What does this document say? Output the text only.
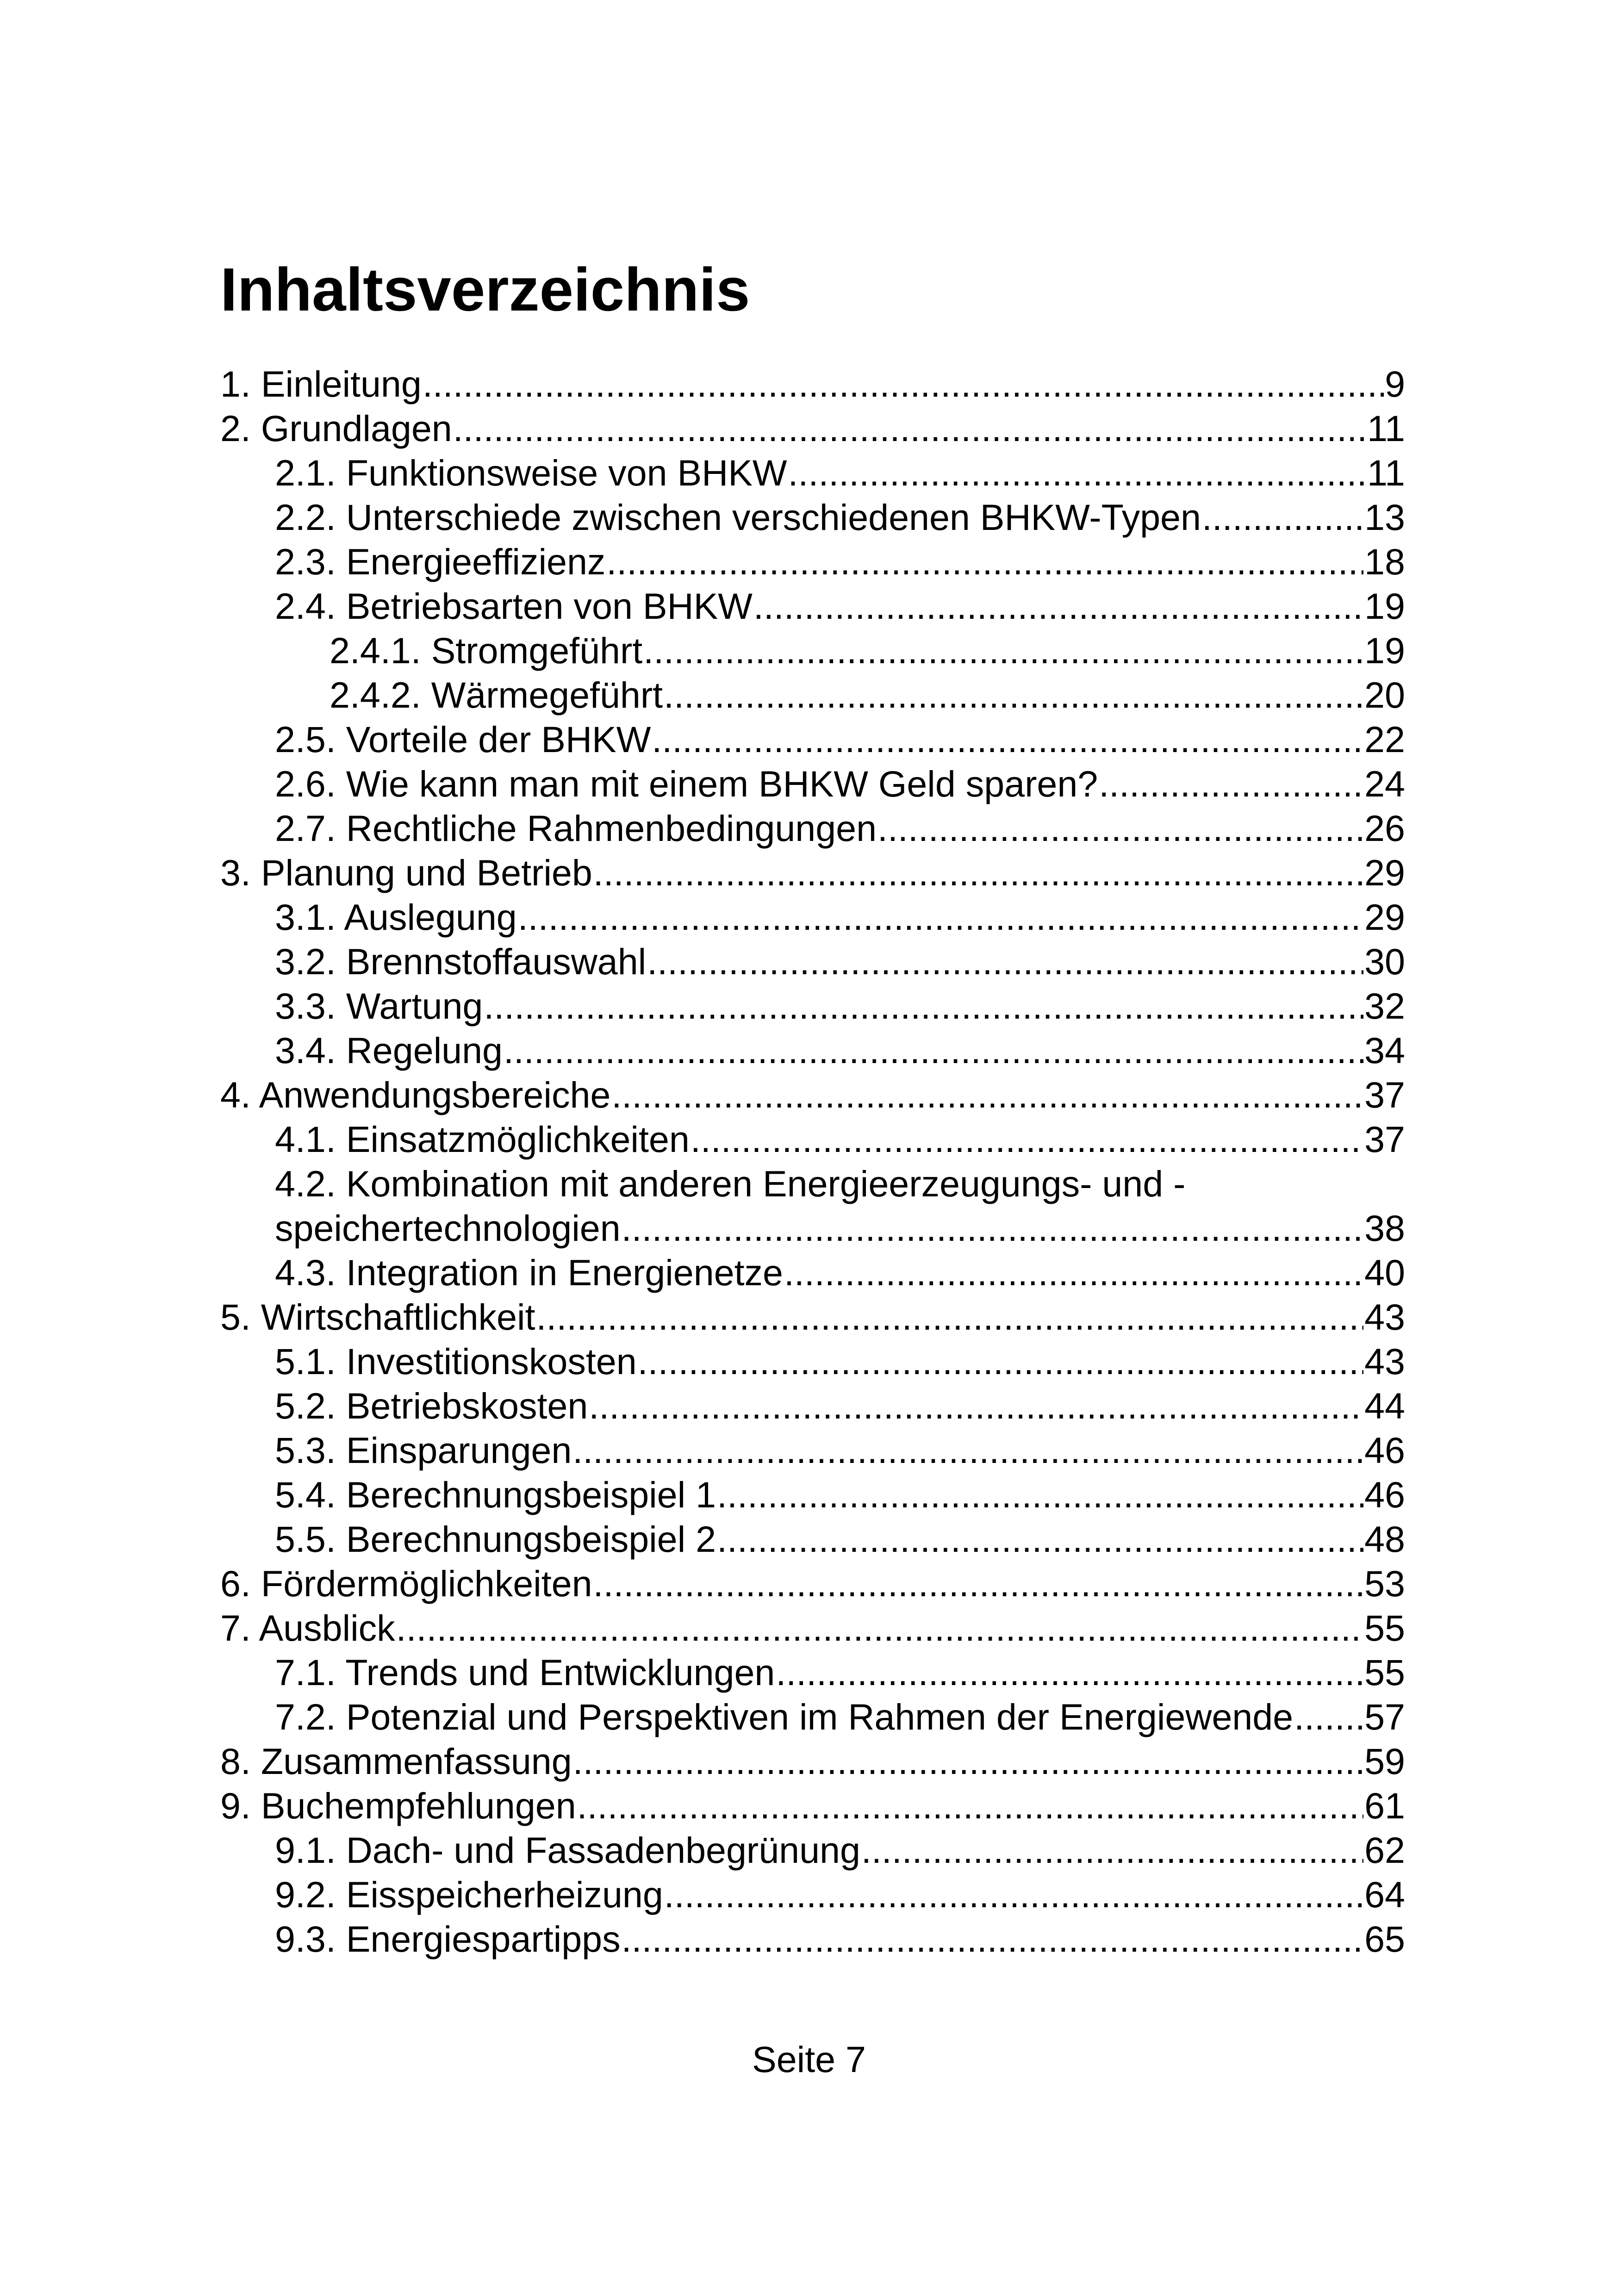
Inhaltsverzeichnis
1. Einleitung .....	9
2. Grundlagen .....	11
2.1. Funktionsweise von BHKW .....	11
2.2. Unterschiede zwischen verschiedenen BHKW-Typen .....	13
2.3. Energieeffizienz .....	18
2.4. Betriebsarten von BHKW .....	19
2.4.1. Stromgeführt .....	19
2.4.2. Wärmegeführt .....	20
2.5. Vorteile der BHKW .....	22
2.6. Wie kann man mit einem BHKW Geld sparen? .....	24
2.7. Rechtliche Rahmenbedingungen .....	26
3. Planung und Betrieb .....	29
3.1. Auslegung .....	29
3.2. Brennstoffauswahl .....	30
3.3. Wartung .....	32
3.4. Regelung .....	34
4. Anwendungsbereiche .....	37
4.1. Einsatzmöglichkeiten .....	37
4.2. Kombination mit anderen Energieerzeugungs- und -
speichertechnologien .....	38
4.3. Integration in Energienetze .....	40
5. Wirtschaftlichkeit .....	43
5.1. Investitionskosten .....	43
5.2. Betriebskosten .....	44
5.3. Einsparungen .....	46
5.4. Berechnungsbeispiel 1 .....	46
5.5. Berechnungsbeispiel 2 .....	48
6. Fördermöglichkeiten .....	53
7. Ausblick .....	55
7.1. Trends und Entwicklungen .....	55
7.2. Potenzial und Perspektiven im Rahmen der Energiewende ..... 57
8. Zusammenfassung .....	59
9. Buchempfehlungen .....	61
9.1. Dach- und Fassadenbegrünung .....	62
9.2. Eisspeicherheizung .....	64
9.3. Energiespartipps .....	65
Seite 7
